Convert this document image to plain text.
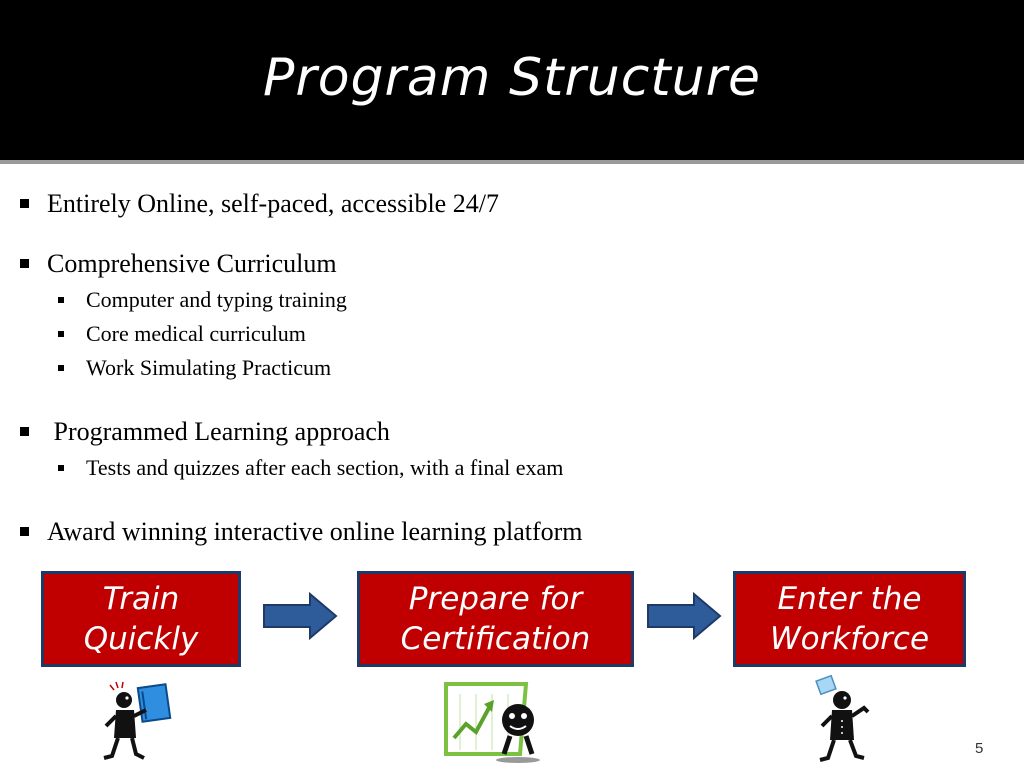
Program Structure
Entirely Online, self-paced, accessible 24/7
Comprehensive Curriculum
Computer and typing training
Core medical curriculum
Work Simulating Practicum
Programmed Learning approach
Tests and quizzes after each section, with a final exam
Award winning interactive online learning platform
Train
Quickly
Prepare for
Certification
Enter the
Workforce
5
